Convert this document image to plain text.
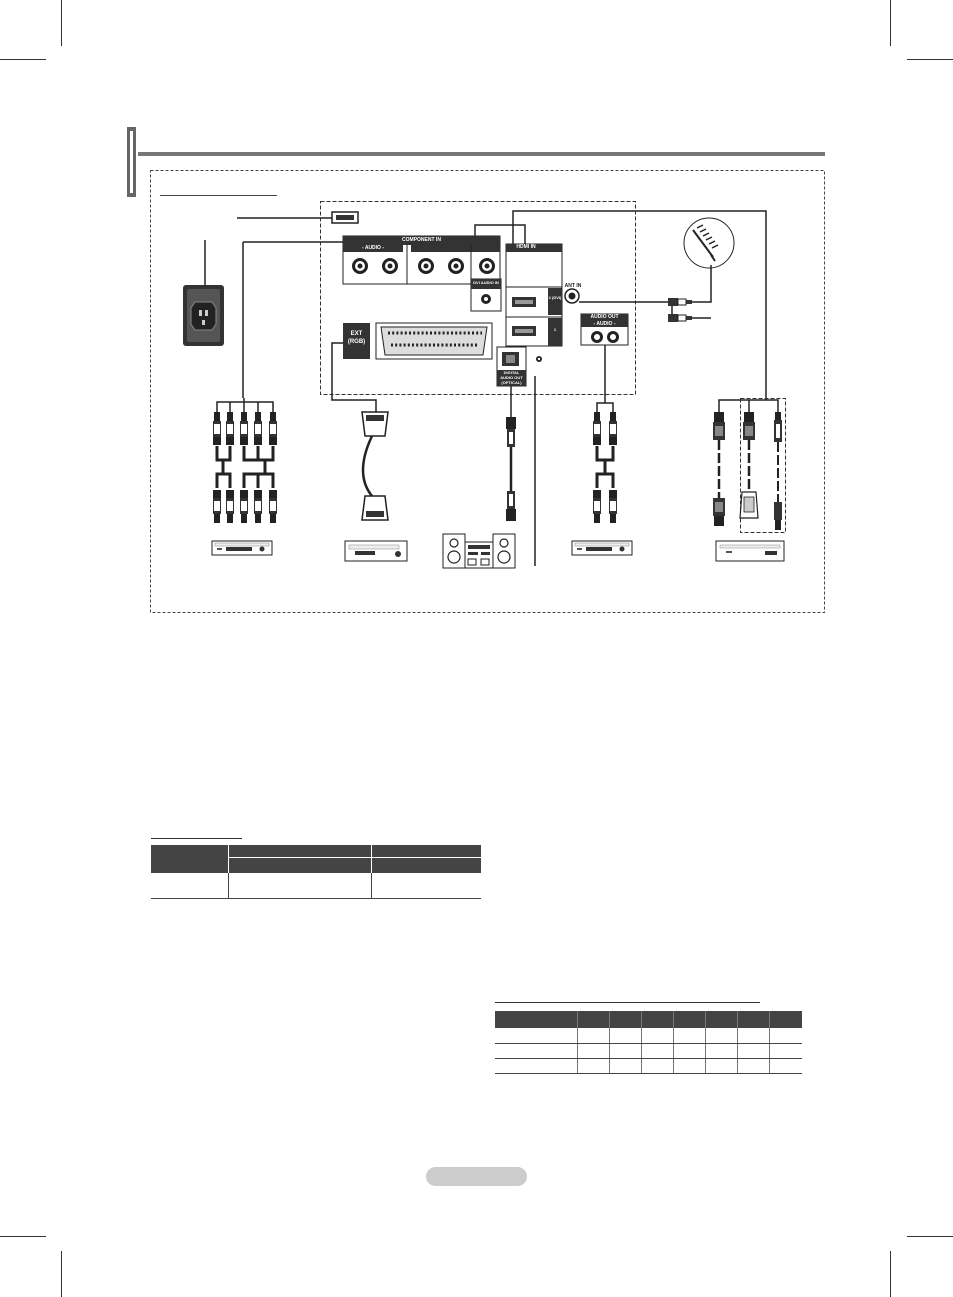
COMPONENT IN
- AUDIO -	HDMI IN
DVI AUDIO IN
ANT IN
AUDIO OUT
- AUDIO -
EXT
(RGB)
DIGITAL
AUDIO OUT
(OPTICAL)
2 (DVI)
1
